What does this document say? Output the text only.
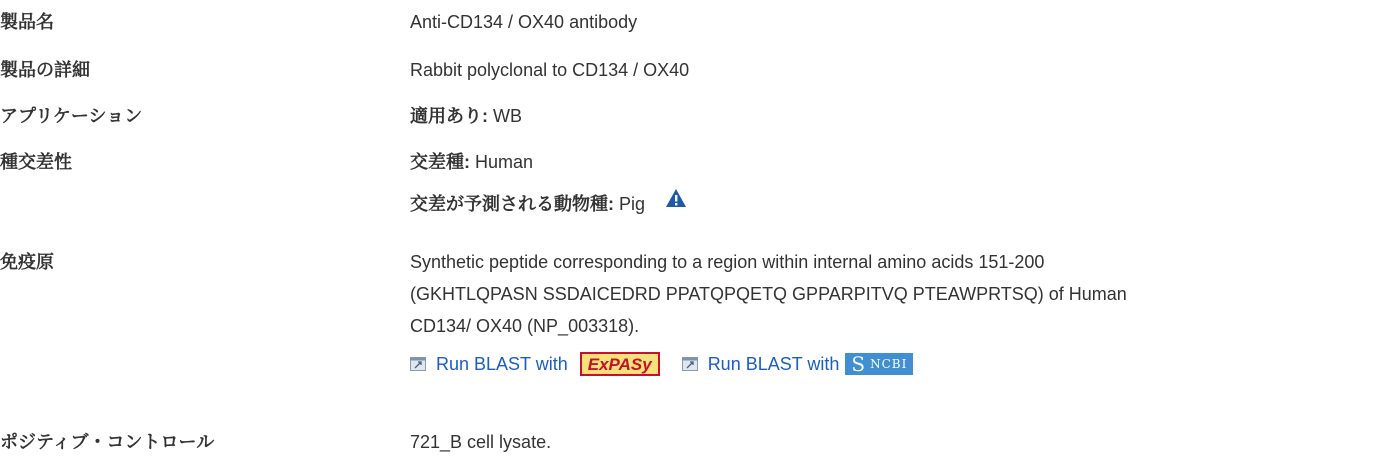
製品名	Anti-CD134 / OX40 antibody
製品の詳細	Rabbit polyclonal to CD134 / OX40
アプリケーション	適用あり: WB
種交差性	交差種: Human
交差が予測される動物種: Pig
免疫原	Synthetic peptide corresponding to a region within internal amino acids 151-200
(GKHTLQPASN SSDAICEDRD PPATQPQETQ GPPARPITVQ PTEAWPRTSQ) of Human
CD134/ OX40 (NP_003318).
Run BLAST with	ExPASy	Run BLAST with S NCBI
ポジティブ・コントロール	721_B cell lysate.
